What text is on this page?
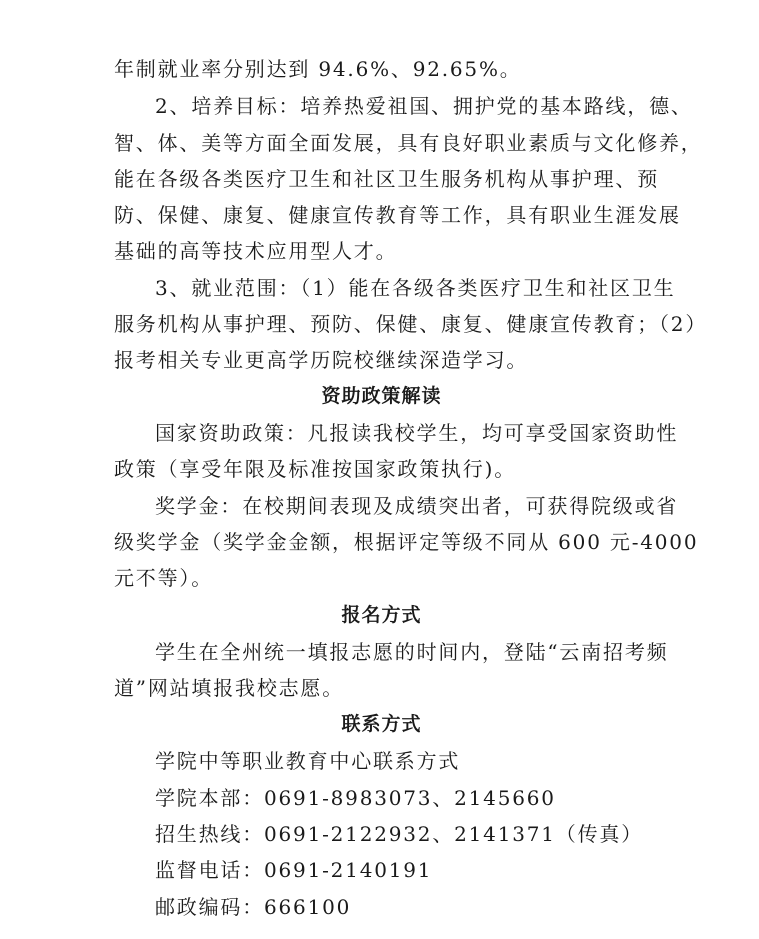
年制就业率分别达到 94.6%、92.65%。
2、培养目标：培养热爱祖国、拥护党的基本路线，德、
智、体、美等方面全面发展，具有良好职业素质与文化修养，
能在各级各类医疗卫生和社区卫生服务机构从事护理、预
防、保健、康复、健康宣传教育等工作，具有职业生涯发展
基础的高等技术应用型人才。
3、就业范围：（1）能在各级各类医疗卫生和社区卫生
服务机构从事护理、预防、保健、康复、健康宣传教育；（2）
报考相关专业更高学历院校继续深造学习。
资助政策解读
国家资助政策：凡报读我校学生，均可享受国家资助性
政策（享受年限及标准按国家政策执行)。
奖学金：在校期间表现及成绩突出者，可获得院级或省
级奖学金（奖学金金额，根据评定等级不同从 600 元-4000
元不等）。
报名方式
学生在全州统一填报志愿的时间内，登陆“云南招考频
道”网站填报我校志愿。
联系方式
学院中等职业教育中心联系方式
学院本部：0691-8983073、2145660
招生热线：0691-2122932、2141371（传真）
监督电话：0691-2140191
邮政编码：666100
